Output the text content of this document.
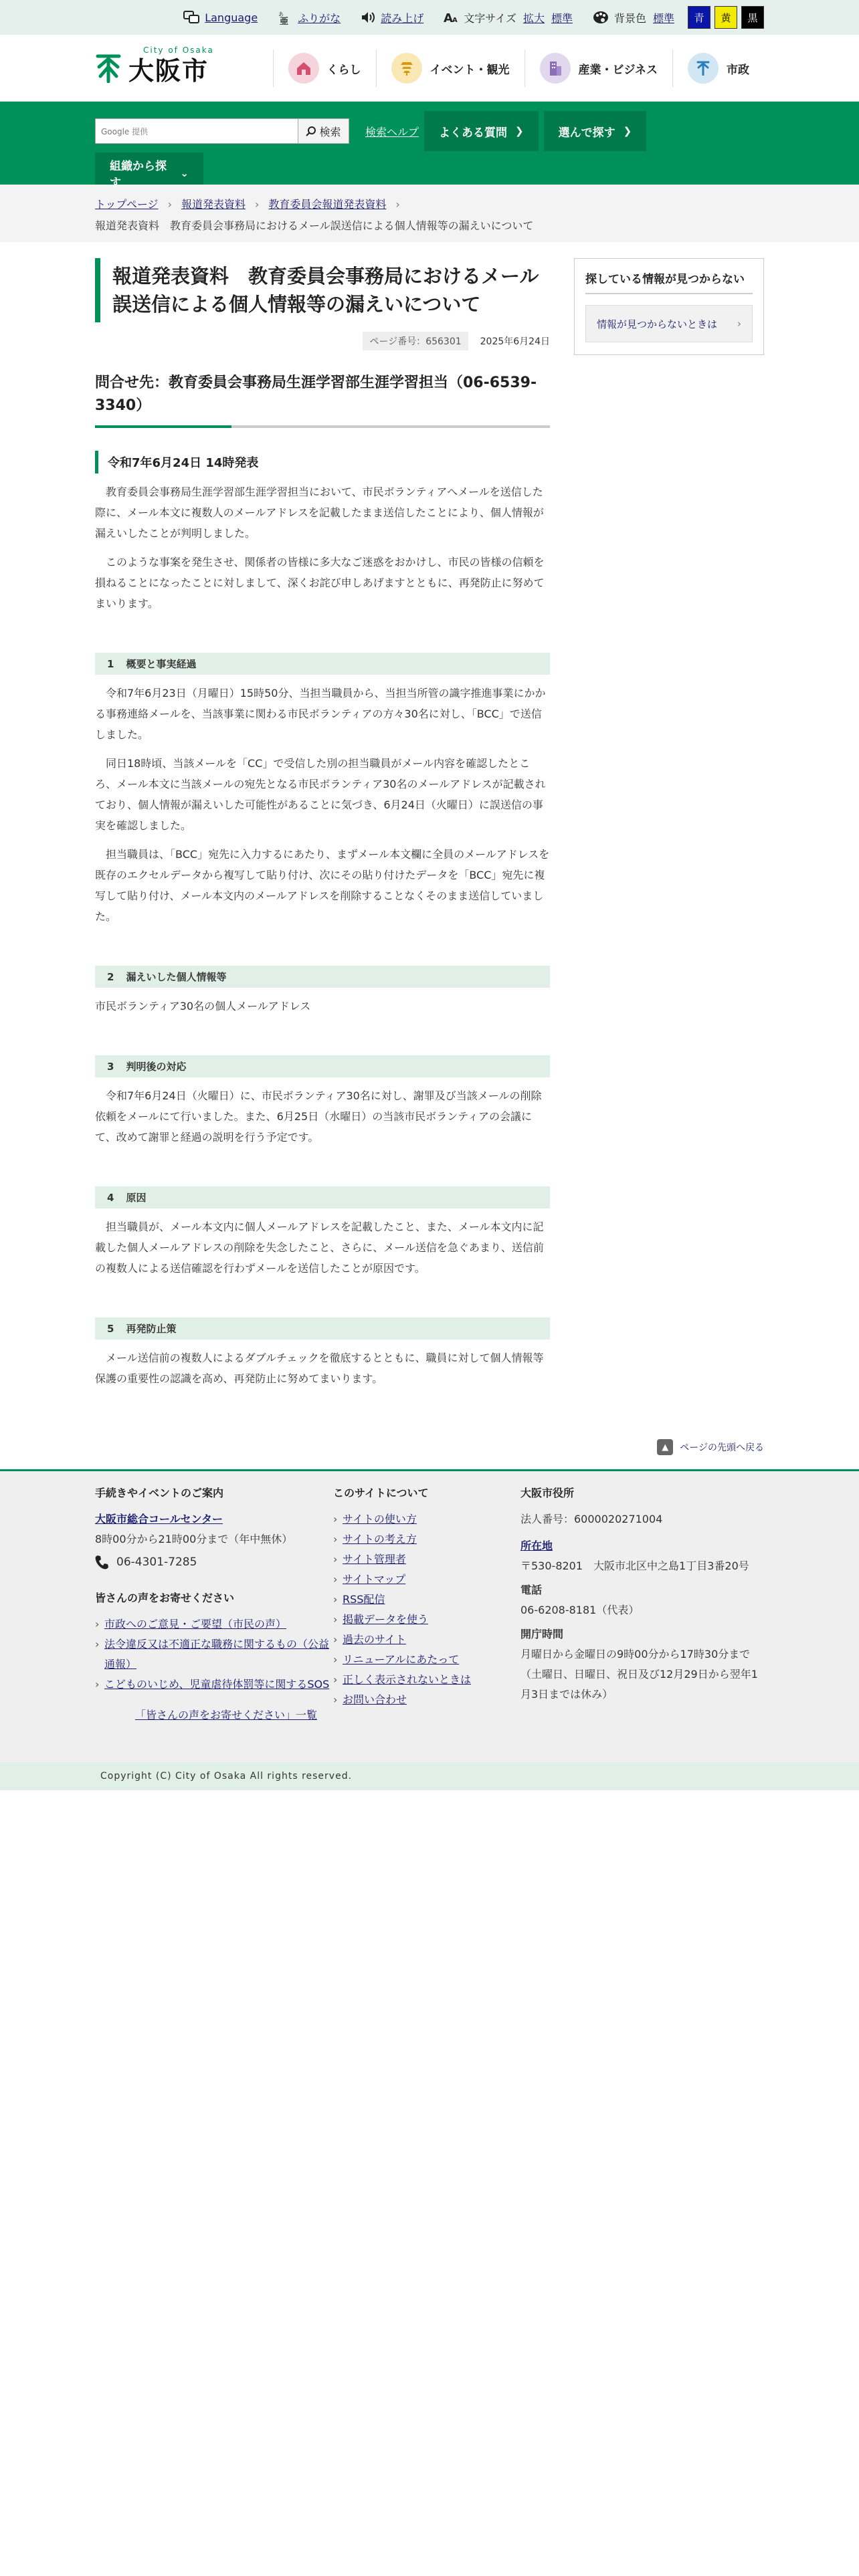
Language	あ
亜 ふりがな	読み上げ A A 文字サイズ 拡大 標準	背景色 標準	青	黄	黒
City of Osaka
大阪市	くらし	イベント・観光	産業・ビジネス	市政
Google 提供	検索 検索ヘルプ よくある質問 ❯	選んで探す ❯
組織から探す
⌄
トップページ › 報道発表資料 › 教育委員会報道発表資料 ›
報道発表資料　教育委員会事務局におけるメール誤送信による個人情報等の漏えいについて
報道発表資料　教育委員会事務局におけるメール誤送信による個人情報等の漏えいについて
ページ番号：656301	2025年6月24日
問合せ先：教育委員会事務局生涯学習部生涯学習担当（06-6539-3340）
令和7年6月24日 14時発表

教育委員会事務局生涯学習部生涯学習担当において、市民ボランティアへメールを送信した際に、メール本文に複数人のメールアドレスを記載したまま送信したことにより、個人情報が漏えいしたことが判明しました。

このような事案を発生させ、関係者の皆様に多大なご迷惑をおかけし、市民の皆様の信頼を損ねることになったことに対しまして、深くお詫び申しあげますとともに、再発防止に努めてまいります。

1 概要と事実経過

令和7年6月23日（月曜日）15時50分、当担当職員から、当担当所管の識字推進事業にかかる事務連絡メールを、当該事業に関わる市民ボランティアの方々30名に対し、「BCC」で送信しました。

同日18時頃、当該メールを「CC」で受信した別の担当職員がメール内容を確認したところ、メール本文に当該メールの宛先となる市民ボランティア30名のメールアドレスが記載されており、個人情報が漏えいした可能性があることに気づき、6月24日（火曜日）に誤送信の事実を確認しました。

担当職員は、「BCC」宛先に入力するにあたり、まずメール本文欄に全員のメールアドレスを既存のエクセルデータから複写して貼り付け、次にその貼り付けたデータを「BCC」宛先に複写して貼り付け、メール本文内のメールアドレスを削除することなくそのまま送信していました。

2 漏えいした個人情報等

市民ボランティア30名の個人メールアドレス

3 判明後の対応

令和7年6月24日（火曜日）に、市民ボランティア30名に対し、謝罪及び当該メールの削除依頼をメールにて行いました。また、6月25日（水曜日）の当該市民ボランティアの会議にて、改めて謝罪と経過の説明を行う予定です。

4 原因

担当職員が、メール本文内に個人メールアドレスを記載したこと、また、メール本文内に記載した個人メールアドレスの削除を失念したこと、さらに、メール送信を急ぐあまり、送信前の複数人による送信確認を行わずメールを送信したことが原因です。

5 再発防止策

メール送信前の複数人によるダブルチェックを徹底するとともに、職員に対して個人情報等保護の重要性の認識を高め、再発防止に努めてまいります。

探している情報が見つからない
情報が見つからないときは ›
▲	ページの先頭へ戻る
手続きやイベントのご案内
大阪市総合コールセンター
8時00分から21時00分まで（年中無休）
06-4301-7285
皆さんの声をお寄せください
› 市政へのご意見・ご要望（市民の声）
› 法令違反又は不適正な職務に関するもの（公益通報）
› こどものいじめ、児童虐待体罰等に関するSOS
「皆さんの声をお寄せください」一覧
このサイトについて
› サイトの使い方
› サイトの考え方
› サイト管理者
› サイトマップ
› RSS配信
› 掲載データを使う
› 過去のサイト
› リニューアルにあたって
› 正しく表示されないときは
› お問い合わせ
大阪市役所
法人番号：6000020271004
所在地
〒530-8201　大阪市北区中之島1丁目3番20号
電話
06-6208-8181（代表）
開庁時間
月曜日から金曜日の9時00分から17時30分まで
（土曜日、日曜日、祝日及び12月29日から翌年1月3日までは休み）
Copyright (C) City of Osaka All rights reserved.
